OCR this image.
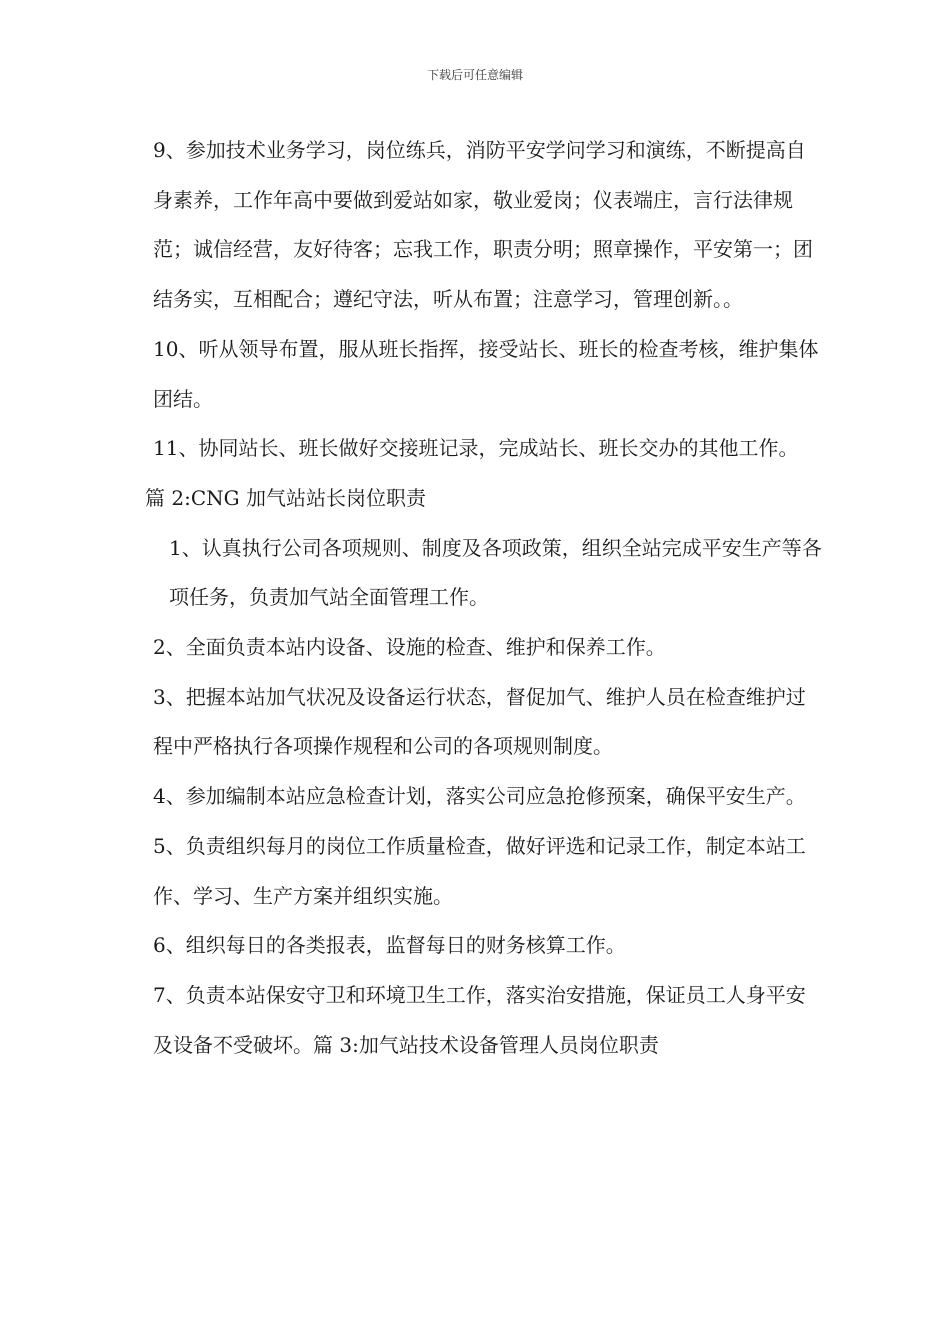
下载后可任意编辑

9、参加技术业务学习，岗位练兵，消防平安学问学习和演练，不断提高自身素养，工作年高中要做到爱站如家，敬业爱岗；仪表端庄，言行法律规范；诚信经营，友好待客；忘我工作，职责分明；照章操作，平安第一；团结务实，互相配合；遵纪守法，听从布置；注意学习，管理创新。。

10、听从领导布置，服从班长指挥，接受站长、班长的检查考核，维护集体团结。

11、协同站长、班长做好交接班记录，完成站长、班长交办的其他工作。

篇 2:CNG 加气站站长岗位职责

1、认真执行公司各项规则、制度及各项政策，组织全站完成平安生产等各项任务，负责加气站全面管理工作。

2、全面负责本站内设备、设施的检查、维护和保养工作。

3、把握本站加气状况及设备运行状态，督促加气、维护人员在检查维护过程中严格执行各项操作规程和公司的各项规则制度。

4、参加编制本站应急检查计划，落实公司应急抢修预案，确保平安生产。

5、负责组织每月的岗位工作质量检查，做好评选和记录工作，制定本站工作、学习、生产方案并组织实施。

6、组织每日的各类报表，监督每日的财务核算工作。

7、负责本站保安守卫和环境卫生工作，落实治安措施，保证员工人身平安及设备不受破坏。篇 3:加气站技术设备管理人员岗位职责
